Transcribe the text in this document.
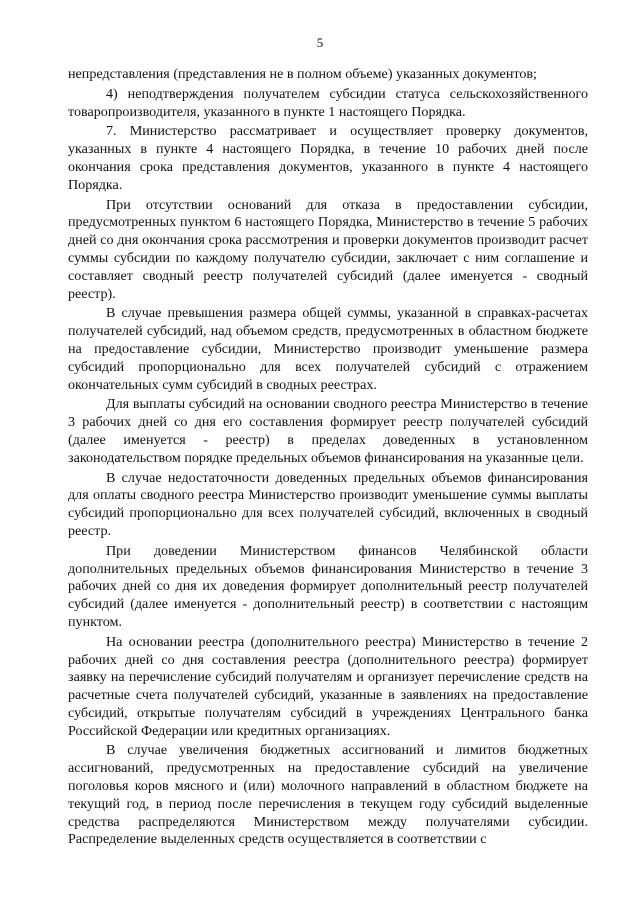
5

непредставления (представления не в полном объеме) указанных документов;

4) неподтверждения получателем субсидии статуса сельскохозяйственного товаропроизводителя, указанного в пункте 1 настоящего Порядка.

7. Министерство рассматривает и осуществляет проверку документов, указанных в пункте 4 настоящего Порядка, в течение 10 рабочих дней после окончания срока представления документов, указанного в пункте 4 настоящего Порядка.

При отсутствии оснований для отказа в предоставлении субсидии, предусмотренных пунктом 6 настоящего Порядка, Министерство в течение 5 рабочих дней со дня окончания срока рассмотрения и проверки документов производит расчет суммы субсидии по каждому получателю субсидии, заключает с ним соглашение и составляет сводный реестр получателей субсидий (далее именуется - сводный реестр).

В случае превышения размера общей суммы, указанной в справках-расчетах получателей субсидий, над объемом средств, предусмотренных в областном бюджете на предоставление субсидии, Министерство производит уменьшение размера субсидий пропорционально для всех получателей субсидий с отражением окончательных сумм субсидий в сводных реестрах.

Для выплаты субсидий на основании сводного реестра Министерство в течение 3 рабочих дней со дня его составления формирует реестр получателей субсидий (далее именуется - реестр) в пределах доведенных в установленном законодательством порядке предельных объемов финансирования на указанные цели.

В случае недостаточности доведенных предельных объемов финансирования для оплаты сводного реестра Министерство производит уменьшение суммы выплаты субсидий пропорционально для всех получателей субсидий, включенных в сводный реестр.

При доведении Министерством финансов Челябинской области дополнительных предельных объемов финансирования Министерство в течение 3 рабочих дней со дня их доведения формирует дополнительный реестр получателей субсидий (далее именуется - дополнительный реестр) в соответствии с настоящим пунктом.

На основании реестра (дополнительного реестра) Министерство в течение 2 рабочих дней со дня составления реестра (дополнительного реестра) формирует заявку на перечисление субсидий получателям и организует перечисление средств на расчетные счета получателей субсидий, указанные в заявлениях на предоставление субсидий, открытые получателям субсидий в учреждениях Центрального банка Российской Федерации или кредитных организациях.

В случае увеличения бюджетных ассигнований и лимитов бюджетных ассигнований, предусмотренных на предоставление субсидий на увеличение поголовья коров мясного и (или) молочного направлений в областном бюджете на текущий год, в период после перечисления в текущем году субсидий выделенные средства распределяются Министерством между получателями субсидии. Распределение выделенных средств осуществляется в соответствии с
